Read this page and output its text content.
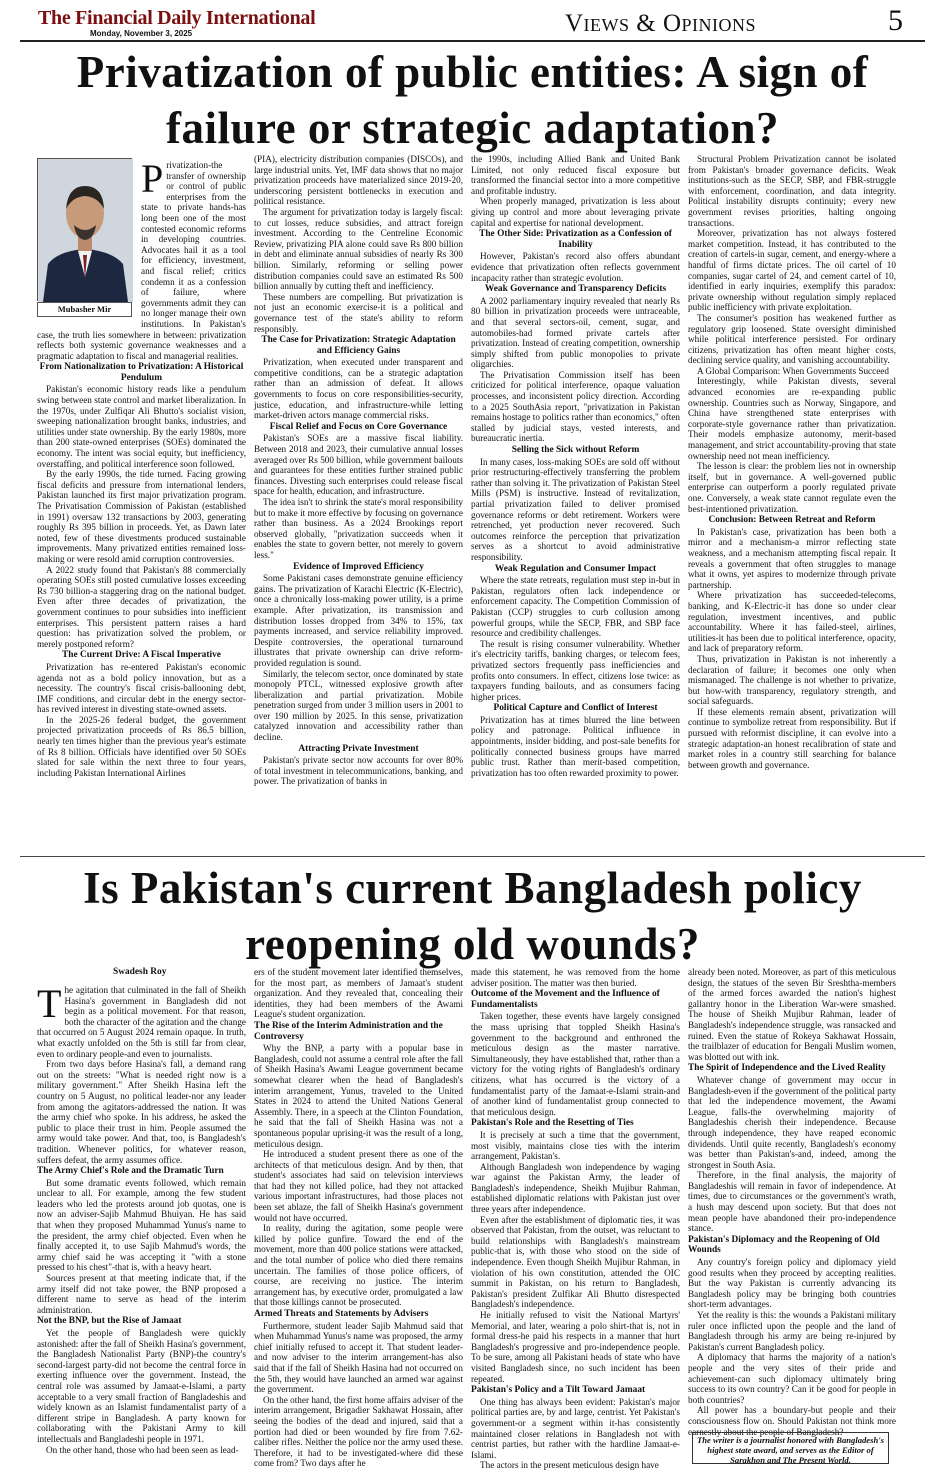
The Financial Daily International
Monday, November 3, 2025	Views & Opinions	5
Privatization of public entities: A sign of failure or strategic adaptation?
Mubasher Mir

Privatization-the transfer of ownership or control of public enterprises from the state to private hands-has long been one of the most contested economic reforms in developing countries. Advocates hail it as a tool for efficiency, investment, and fiscal relief; critics condemn it as a confession of failure, where governments admit they can no longer manage their own institutions. In Pakistan's case, the truth lies somewhere in between: privatization reflects both systemic governance weaknesses and a pragmatic adaptation to fiscal and managerial realities.

From Nationalization to Privatization: A Historical Pendulum

Pakistan's economic history reads like a pendulum swing between state control and market liberalization. In the 1970s, under Zulfiqar Ali Bhutto's socialist vision, sweeping nationalization brought banks, industries, and utilities under state ownership. By the early 1980s, more than 200 state-owned enterprises (SOEs) dominated the economy. The intent was social equity, but inefficiency, overstaffing, and political interference soon followed.

By the early 1990s, the tide turned. Facing growing fiscal deficits and pressure from international lenders, Pakistan launched its first major privatization program. The Privatisation Commission of Pakistan (established in 1991) oversaw 132 transactions by 2003, generating roughly Rs 395 billion in proceeds. Yet, as Dawn later noted, few of these divestments produced sustainable improvements. Many privatized entities remained loss-making or were resold amid corruption controversies.

A 2022 study found that Pakistan's 88 commercially operating SOEs still posted cumulative losses exceeding Rs 730 billion-a staggering drag on the national budget. Even after three decades of privatization, the government continues to pour subsidies into inefficient enterprises. This persistent pattern raises a hard question: has privatization solved the problem, or merely postponed reform?

The Current Drive: A Fiscal Imperative

Privatization has re-entered Pakistan's economic agenda not as a bold policy innovation, but as a necessity. The country's fiscal crisis-ballooning debt, IMF conditions, and circular debt in the energy sector-has revived interest in divesting state-owned assets.

In the 2025-26 federal budget, the government projected privatization proceeds of Rs 86.5 billion, nearly ten times higher than the previous year's estimate of Rs 8 billion. Officials have identified over 50 SOEs slated for sale within the next three to four years, including Pakistan International Airlines

(PIA), electricity distribution companies (DISCOs), and large industrial units. Yet, IMF data shows that no major privatization proceeds have materialized since 2019-20, underscoring persistent bottlenecks in execution and political resistance.

The argument for privatization today is largely fiscal: to cut losses, reduce subsidies, and attract foreign investment. According to the Centreline Economic Review, privatizing PIA alone could save Rs 800 billion in debt and eliminate annual subsidies of nearly Rs 300 billion. Similarly, reforming or selling power distribution companies could save an estimated Rs 500 billion annually by cutting theft and inefficiency.

These numbers are compelling. But privatization is not just an economic exercise-it is a political and governance test of the state's ability to reform responsibly.

The Case for Privatization: Strategic Adaptation and Efficiency Gains

Privatization, when executed under transparent and competitive conditions, can be a strategic adaptation rather than an admission of defeat. It allows governments to focus on core responsibilities-security, justice, education, and infrastructure-while letting market-driven actors manage commercial risks.

Fiscal Relief and Focus on Core Governance

Pakistan's SOEs are a massive fiscal liability. Between 2018 and 2023, their cumulative annual losses averaged over Rs 500 billion, while government bailouts and guarantees for these entities further strained public finances. Divesting such enterprises could release fiscal space for health, education, and infrastructure.

The idea isn't to shrink the state's moral responsibility but to make it more effective by focusing on governance rather than business. As a 2024 Brookings report observed globally, "privatization succeeds when it enables the state to govern better, not merely to govern less."

Evidence of Improved Efficiency

Some Pakistani cases demonstrate genuine efficiency gains. The privatization of Karachi Electric (K-Electric), once a chronically loss-making power utility, is a prime example. After privatization, its transmission and distribution losses dropped from 34% to 15%, tax payments increased, and service reliability improved. Despite controversies, the operational turnaround illustrates that private ownership can drive reform-provided regulation is sound.

Similarly, the telecom sector, once dominated by state monopoly PTCL, witnessed explosive growth after liberalization and partial privatization. Mobile penetration surged from under 3 million users in 2001 to over 190 million by 2025. In this sense, privatization catalyzed innovation and accessibility rather than decline.

Attracting Private Investment

Pakistan's private sector now accounts for over 80% of total investment in telecommunications, banking, and power. The privatization of banks in

the 1990s, including Allied Bank and United Bank Limited, not only reduced fiscal exposure but transformed the financial sector into a more competitive and profitable industry.

When properly managed, privatization is less about giving up control and more about leveraging private capital and expertise for national development.

The Other Side: Privatization as a Confession of Inability

However, Pakistan's record also offers abundant evidence that privatization often reflects government incapacity rather than strategic evolution.

Weak Governance and Transparency Deficits

A 2002 parliamentary inquiry revealed that nearly Rs 80 billion in privatization proceeds were untraceable, and that several sectors-oil, cement, sugar, and automobiles-had formed private cartels after privatization. Instead of creating competition, ownership simply shifted from public monopolies to private oligarchies.

The Privatisation Commission itself has been criticized for political interference, opaque valuation processes, and inconsistent policy direction. According to a 2025 SouthAsia report, "privatization in Pakistan remains hostage to politics rather than economics," often stalled by judicial stays, vested interests, and bureaucratic inertia.

Selling the Sick without Reform

In many cases, loss-making SOEs are sold off without prior restructuring-effectively transferring the problem rather than solving it. The privatization of Pakistan Steel Mills (PSM) is instructive. Instead of revitalization, partial privatization failed to deliver promised governance reforms or debt retirement. Workers were retrenched, yet production never recovered. Such outcomes reinforce the perception that privatization serves as a shortcut to avoid administrative responsibility.

Weak Regulation and Consumer Impact

Where the state retreats, regulation must step in-but in Pakistan, regulators often lack independence or enforcement capacity. The Competition Commission of Pakistan (CCP) struggles to curb collusion among powerful groups, while the SECP, FBR, and SBP face resource and credibility challenges.

The result is rising consumer vulnerability. Whether it's electricity tariffs, banking charges, or telecom fees, privatized sectors frequently pass inefficiencies and profits onto consumers. In effect, citizens lose twice: as taxpayers funding bailouts, and as consumers facing higher prices.

Political Capture and Conflict of Interest

Privatization has at times blurred the line between policy and patronage. Political influence in appointments, insider bidding, and post-sale benefits for politically connected business groups have marred public trust. Rather than merit-based competition, privatization has too often rewarded proximity to power.

Structural Problem Privatization cannot be isolated from Pakistan's broader governance deficits. Weak institutions-such as the SECP, SBP, and FBR-struggle with enforcement, coordination, and data integrity. Political instability disrupts continuity; every new government revises priorities, halting ongoing transactions.

Moreover, privatization has not always fostered market competition. Instead, it has contributed to the creation of cartels-in sugar, cement, and energy-where a handful of firms dictate prices. The oil cartel of 10 companies, sugar cartel of 24, and cement cartel of 10, identified in early inquiries, exemplify this paradox: private ownership without regulation simply replaced public inefficiency with private exploitation.

The consumer's position has weakened further as regulatory grip loosened. State oversight diminished while political interference persisted. For ordinary citizens, privatization has often meant higher costs, declining service quality, and vanishing accountability.

A Global Comparison: When Governments Succeed

Interestingly, while Pakistan divests, several advanced economies are re-expanding public ownership. Countries such as Norway, Singapore, and China have strengthened state enterprises with corporate-style governance rather than privatization. Their models emphasize autonomy, merit-based management, and strict accountability-proving that state ownership need not mean inefficiency.

The lesson is clear: the problem lies not in ownership itself, but in governance. A well-governed public enterprise can outperform a poorly regulated private one. Conversely, a weak state cannot regulate even the best-intentioned privatization.

Conclusion: Between Retreat and Reform

In Pakistan's case, privatization has been both a mirror and a mechanism-a mirror reflecting state weakness, and a mechanism attempting fiscal repair. It reveals a government that often struggles to manage what it owns, yet aspires to modernize through private partnership.

Where privatization has succeeded-telecoms, banking, and K-Electric-it has done so under clear regulation, investment incentives, and public accountability. Where it has failed-steel, airlines, utilities-it has been due to political interference, opacity, and lack of preparatory reform.

Thus, privatization in Pakistan is not inherently a declaration of failure; it becomes one only when mismanaged. The challenge is not whether to privatize, but how-with transparency, regulatory strength, and social safeguards.

If these elements remain absent, privatization will continue to symbolize retreat from responsibility. But if pursued with reformist discipline, it can evolve into a strategic adaptation-an honest recalibration of state and market roles in a country still searching for balance between growth and governance.

Is Pakistan's current Bangladesh policy reopening old wounds?
Swadesh Roy

The agitation that culminated in the fall of Sheikh Hasina's government in Bangladesh did not begin as a political movement. For that reason, both the character of the agitation and the change that occurred on 5 August 2024 remain opaque. In truth, what exactly unfolded on the 5th is still far from clear, even to ordinary people-and even to journalists.

From two days before Hasina's fall, a demand rang out on the streets: "What is needed right now is a military government." After Sheikh Hasina left the country on 5 August, no political leader-nor any leader from among the agitators-addressed the nation. It was the army chief who spoke. In his address, he asked the public to place their trust in him. People assumed the army would take power. And that, too, is Bangladesh's tradition. Whenever politics, for whatever reason, suffers defeat, the army assumes office.

The Army Chief's Role and the Dramatic Turn

But some dramatic events followed, which remain unclear to all. For example, among the few student leaders who led the protests around job quotas, one is now an adviser-Sajib Mahmud Bhuiyan. He has said that when they proposed Muhammad Yunus's name to the president, the army chief objected. Even when he finally accepted it, to use Sajib Mahmud's words, the army chief said he was accepting it "with a stone pressed to his chest"-that is, with a heavy heart.

Sources present at that meeting indicate that, if the army itself did not take power, the BNP proposed a different name to serve as head of the interim administration.

Not the BNP, but the Rise of Jamaat

Yet the people of Bangladesh were quickly astonished: after the fall of Sheikh Hasina's government, the Bangladesh Nationalist Party (BNP)-the country's second-largest party-did not become the central force in exerting influence over the government. Instead, the central role was assumed by Jamaat-e-Islami, a party acceptable to a very small fraction of Bangladeshis and widely known as an Islamist fundamentalist party of a different stripe in Bangladesh. A party known for collaborating with the Pakistani Army to kill intellectuals and Bangladeshi people in 1971.

On the other hand, those who had been seen as lead-

ers of the student movement later identified themselves, for the most part, as members of Jamaat's student organization. And they revealed that, concealing their identities, they had been members of the Awami League's student organization.

The Rise of the Interim Administration and the Controversy

Why the BNP, a party with a popular base in Bangladesh, could not assume a central role after the fall of Sheikh Hasina's Awami League government became somewhat clearer when the head of Bangladesh's interim arrangement, Yunus, traveled to the United States in 2024 to attend the United Nations General Assembly. There, in a speech at the Clinton Foundation, he said that the fall of Sheikh Hasina was not a spontaneous popular uprising-it was the result of a long, meticulous design.

He introduced a student present there as one of the architects of that meticulous design. And by then, that student's associates had said on television interviews that had they not killed police, had they not attacked various important infrastructures, had those places not been set ablaze, the fall of Sheikh Hasina's government would not have occurred.

In reality, during the agitation, some people were killed by police gunfire. Toward the end of the movement, more than 400 police stations were attacked, and the total number of police who died there remains uncertain. The families of those police officers, of course, are receiving no justice. The interim arrangement has, by executive order, promulgated a law that those killings cannot be prosecuted.

Armed Threats and Statements by Advisers

Furthermore, student leader Sajib Mahmud said that when Muhammad Yunus's name was proposed, the army chief initially refused to accept it. That student leader-and now adviser to the interim arrangement-has also said that if the fall of Sheikh Hasina had not occurred on the 5th, they would have launched an armed war against the government.

On the other hand, the first home affairs adviser of the interim arrangement, Brigadier Sakhawat Hossain, after seeing the bodies of the dead and injured, said that a portion had died or been wounded by fire from 7.62-caliber rifles. Neither the police nor the army used these. Therefore, it had to be investigated-where did these come from? Two days after he

made this statement, he was removed from the home adviser position. The matter was then buried.

Outcome of the Movement and the Influence of Fundamentalists

Taken together, these events have largely consigned the mass uprising that toppled Sheikh Hasina's government to the background and enthroned the meticulous design as the master narrative. Simultaneously, they have established that, rather than a victory for the voting rights of Bangladesh's ordinary citizens, what has occurred is the victory of a fundamentalist party of the Jamaat-e-Islami strain-and of another kind of fundamentalist group connected to that meticulous design.

Pakistan's Role and the Resetting of Ties

It is precisely at such a time that the government, most visibly, maintains close ties with the interim arrangement, Pakistan's.

Although Bangladesh won independence by waging war against the Pakistan Army, the leader of Bangladesh's independence, Sheikh Mujibur Rahman, established diplomatic relations with Pakistan just over three years after independence.

Even after the establishment of diplomatic ties, it was observed that Pakistan, from the outset, was reluctant to build relationships with Bangladesh's mainstream public-that is, with those who stood on the side of independence. Even though Sheikh Mujibur Rahman, in violation of his own constitution, attended the OIC summit in Pakistan, on his return to Bangladesh, Pakistan's president Zulfikar Ali Bhutto disrespected Bangladesh's independence.

He initially refused to visit the National Martyrs' Memorial, and later, wearing a polo shirt-that is, not in formal dress-he paid his respects in a manner that hurt Bangladesh's progressive and pro-independence people. To be sure, among all Pakistani heads of state who have visited Bangladesh since, no such incident has been repeated.

Pakistan's Policy and a Tilt Toward Jamaat

One thing has always been evident: Pakistan's major political parties are, by and large, centrist. Yet Pakistan's government-or a segment within it-has consistently maintained closer relations in Bangladesh not with centrist parties, but rather with the hardline Jamaat-e-Islami.

The actors in the present meticulous design have

already been noted. Moreover, as part of this meticulous design, the statues of the seven Bir Sreshtha-members of the armed forces awarded the nation's highest gallantry honor in the Liberation War-were smashed. The house of Sheikh Mujibur Rahman, leader of Bangladesh's independence struggle, was ransacked and ruined. Even the statue of Rokeya Sakhawat Hossain, the trailblazer of education for Bengali Muslim women, was blotted out with ink.

The Spirit of Independence and the Lived Reality

Whatever change of government may occur in Bangladesh-even if the government of the political party that led the independence movement, the Awami League, falls-the overwhelming majority of Bangladeshis cherish their independence. Because through independence, they have reaped economic dividends. Until quite recently, Bangladesh's economy was better than Pakistan's-and, indeed, among the strongest in South Asia.

Therefore, in the final analysis, the majority of Bangladeshis will remain in favor of independence. At times, due to circumstances or the government's wrath, a hush may descend upon society. But that does not mean people have abandoned their pro-independence stance.

Pakistan's Diplomacy and the Reopening of Old Wounds

Any country's foreign policy and diplomacy yield good results when they proceed by accepting realities. But the way Pakistan is currently advancing its Bangladesh policy may be bringing both countries short-term advantages.

Yet the reality is this: the wounds a Pakistani military ruler once inflicted upon the people and the land of Bangladesh through his army are being re-injured by Pakistan's current Bangladesh policy.

A diplomacy that harms the majority of a nation's people and the very sites of their pride and achievement-can such diplomacy ultimately bring success to its own country? Can it be good for people in both countries?

All power has a boundary-but people and their consciousness flow on. Should Pakistan not think more earnestly about the people of Bangladesh?

The writer is a journalist honored with Bangladesh's highest state award, and serves as the Editor of Sarakhon and The Present World.
